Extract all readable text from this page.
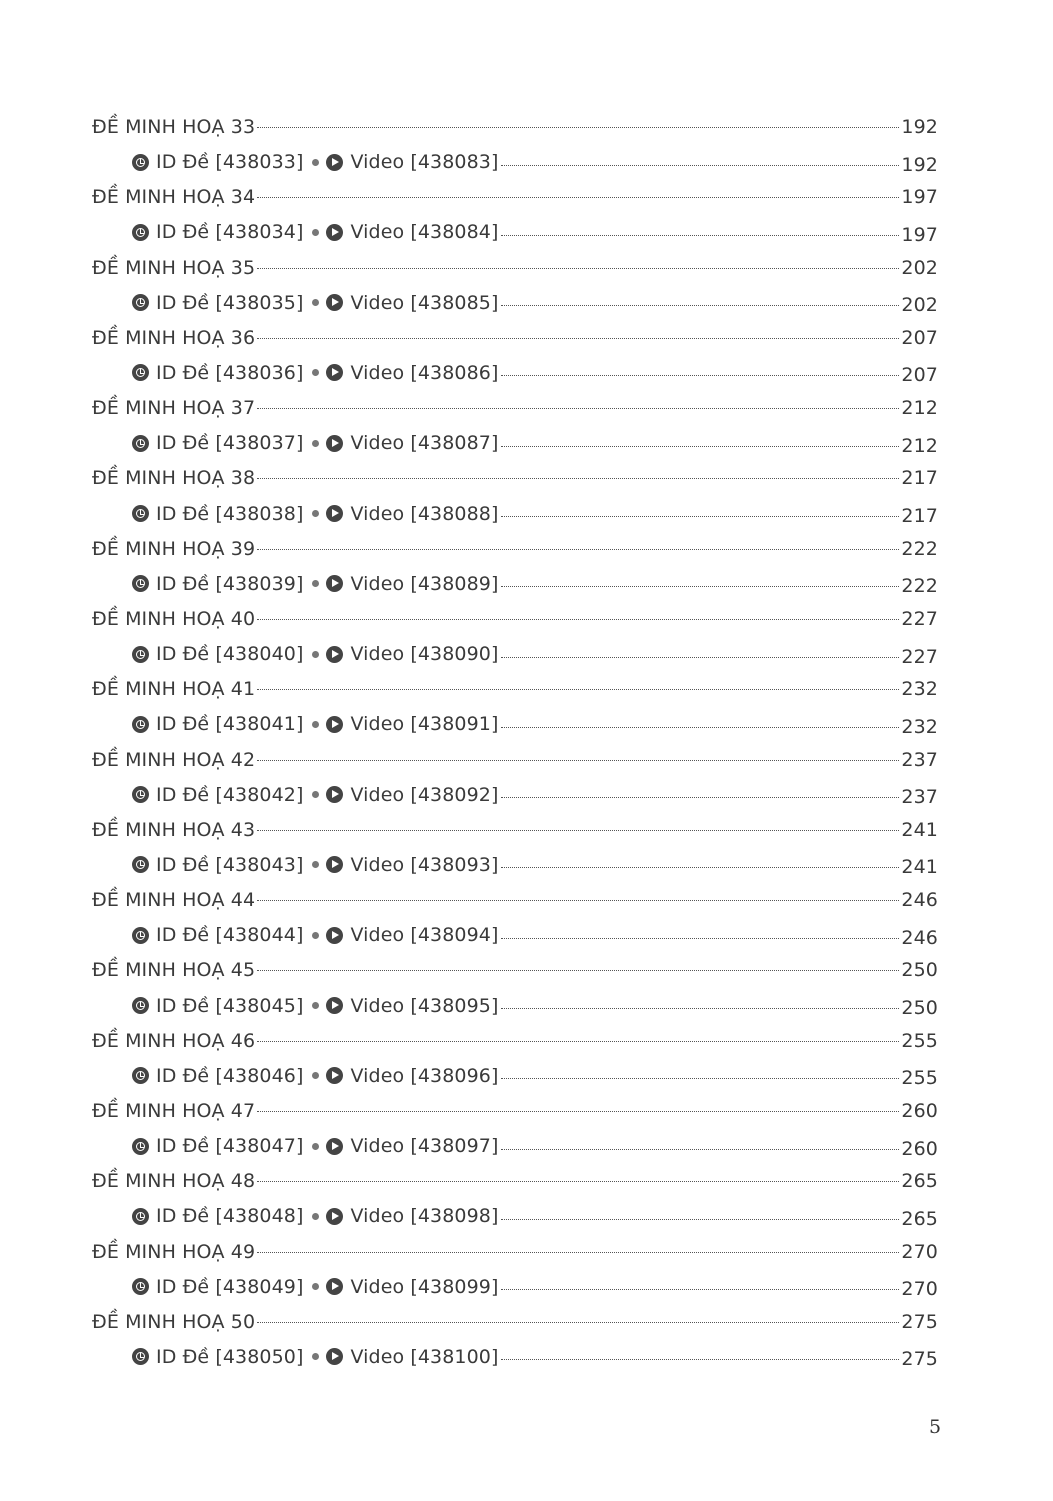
ĐỀ MINH HOẠ 33	192
ID Đề [438033] Video [438083]	192
ĐỀ MINH HOẠ 34	197
ID Đề [438034] Video [438084]	197
ĐỀ MINH HOẠ 35	202
ID Đề [438035] Video [438085]	202
ĐỀ MINH HOẠ 36	207
ID Đề [438036] Video [438086]	207
ĐỀ MINH HOẠ 37	212
ID Đề [438037] Video [438087]	212
ĐỀ MINH HOẠ 38	217
ID Đề [438038] Video [438088]	217
ĐỀ MINH HOẠ 39	222
ID Đề [438039] Video [438089]	222
ĐỀ MINH HOẠ 40	227
ID Đề [438040] Video [438090]	227
ĐỀ MINH HOẠ 41	232
ID Đề [438041] Video [438091]	232
ĐỀ MINH HOẠ 42	237
ID Đề [438042] Video [438092]	237
ĐỀ MINH HOẠ 43	241
ID Đề [438043] Video [438093]	241
ĐỀ MINH HOẠ 44	246
ID Đề [438044] Video [438094]	246
ĐỀ MINH HOẠ 45	250
ID Đề [438045] Video [438095]	250
ĐỀ MINH HOẠ 46	255
ID Đề [438046] Video [438096]	255
ĐỀ MINH HOẠ 47	260
ID Đề [438047] Video [438097]	260
ĐỀ MINH HOẠ 48	265
ID Đề [438048] Video [438098]	265
ĐỀ MINH HOẠ 49	270
ID Đề [438049] Video [438099]	270
ĐỀ MINH HOẠ 50	275
ID Đề [438050] Video [438100]	275
5
